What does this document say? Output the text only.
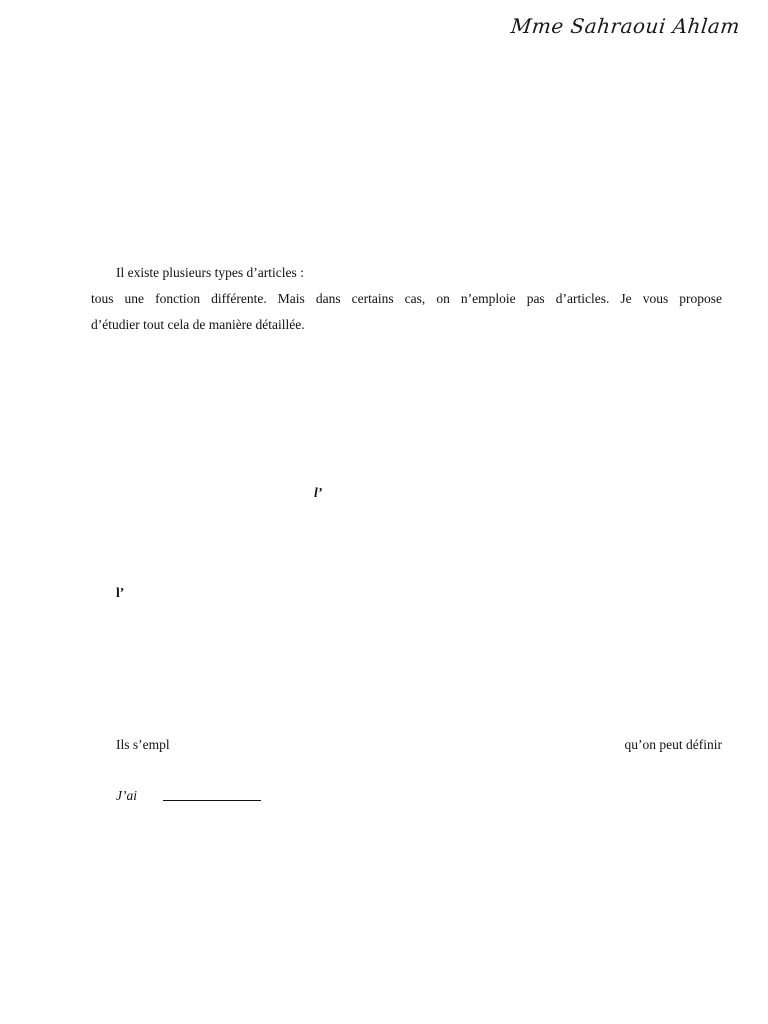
Mme Sahraoui Ahlam
Il existe plusieurs types d’articles :
tous une fonction différente. Mais dans certains cas, on n’emploie pas d’articles. Je vous propose
d’étudier tout cela de manière détaillée.
l’
l’
Ils s’empl	qu’on peut définir
J’ai
